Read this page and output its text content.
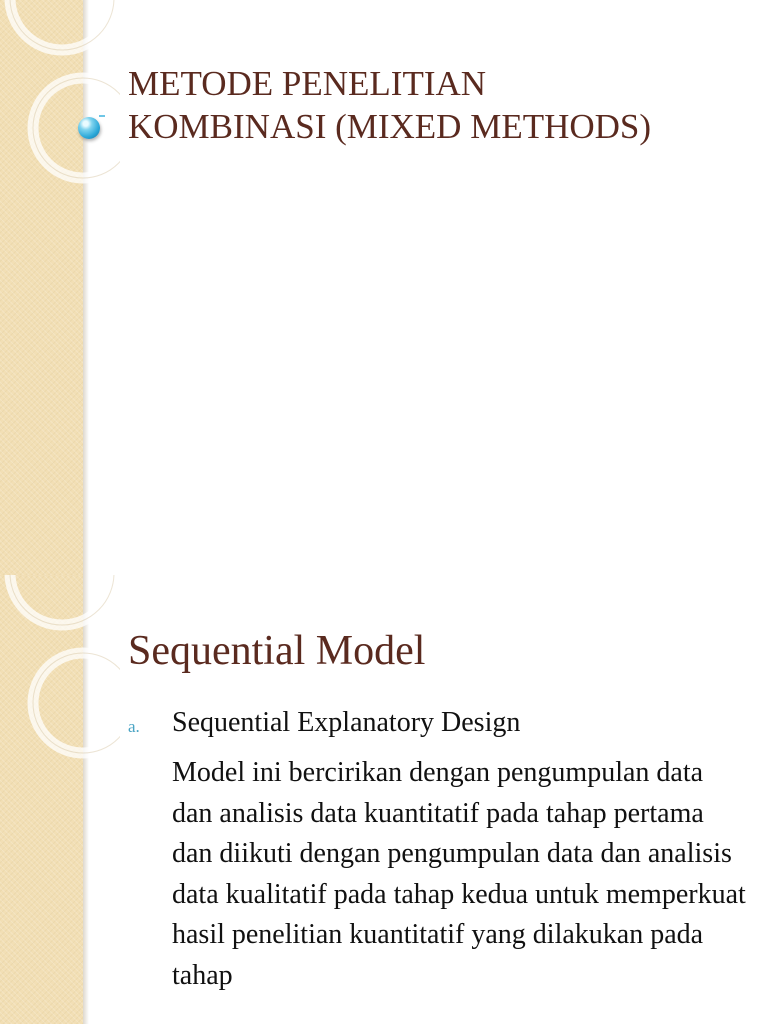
METODE PENELITIAN
KOMBINASI (MIXED METHODS)
Sequential Model
a. Sequential Explanatory Design

Model ini bercirikan dengan pengumpulan data dan analisis data kuantitatif pada tahap pertama dan diikuti dengan pengumpulan data dan analisis data kualitatif pada tahap kedua untuk memperkuat hasil penelitian kuantitatif yang dilakukan pada tahap
